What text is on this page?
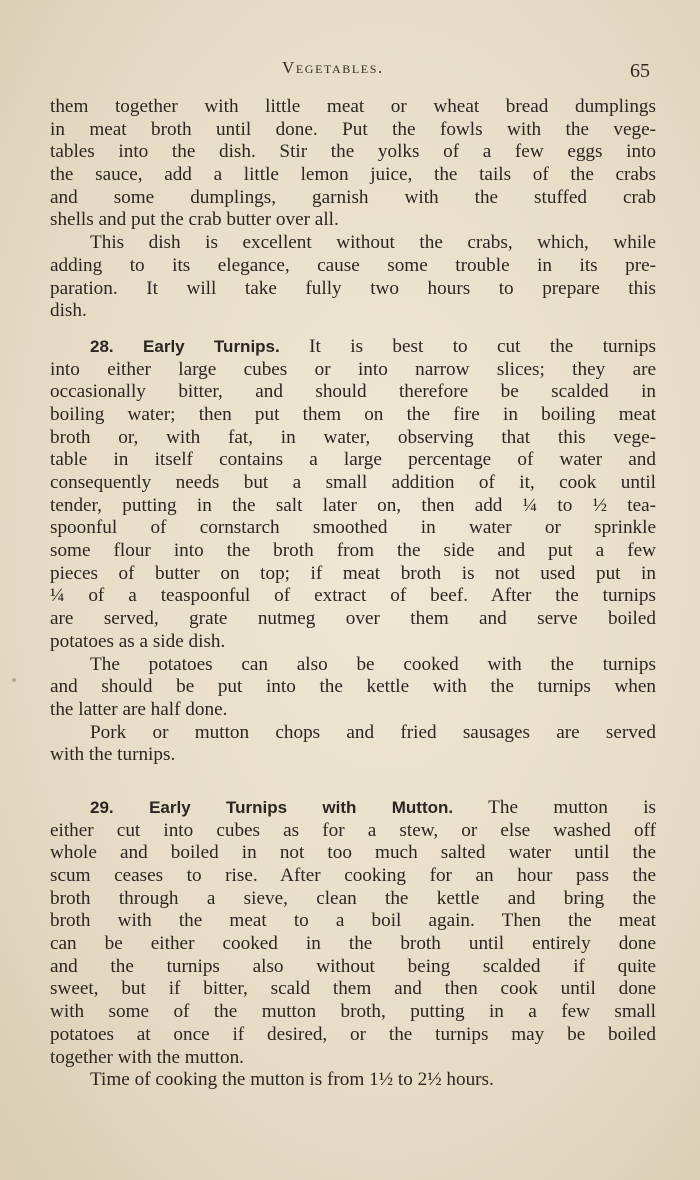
Vegetables.	65
them together with little meat or wheat bread dumplings
in meat broth until done. Put the fowls with the vege-
tables into the dish. Stir the yolks of a few eggs into
the sauce, add a little lemon juice, the tails of the crabs
and some dumplings, garnish with the stuffed crab
shells and put the crab butter over all.
This dish is excellent without the crabs, which, while
adding to its elegance, cause some trouble in its pre-
paration. It will take fully two hours to prepare this
dish.
28. Early Turnips. It is best to cut the turnips
into either large cubes or into narrow slices; they are
occasionally bitter, and should therefore be scalded in
boiling water; then put them on the fire in boiling meat
broth or, with fat, in water, observing that this vege-
table in itself contains a large percentage of water and
consequently needs but a small addition of it, cook until
tender, putting in the salt later on, then add ¼ to ½ tea-
spoonful of cornstarch smoothed in water or sprinkle
some flour into the broth from the side and put a few
pieces of butter on top; if meat broth is not used put in
¼ of a teaspoonful of extract of beef. After the turnips
are served, grate nutmeg over them and serve boiled
potatoes as a side dish.
The potatoes can also be cooked with the turnips
and should be put into the kettle with the turnips when
the latter are half done.
Pork or mutton chops and fried sausages are served
with the turnips.
29. Early Turnips with Mutton. The mutton is
either cut into cubes as for a stew, or else washed off
whole and boiled in not too much salted water until the
scum ceases to rise. After cooking for an hour pass the
broth through a sieve, clean the kettle and bring the
broth with the meat to a boil again. Then the meat
can be either cooked in the broth until entirely done
and the turnips also without being scalded if quite
sweet, but if bitter, scald them and then cook until done
with some of the mutton broth, putting in a few small
potatoes at once if desired, or the turnips may be boiled
together with the mutton.
Time of cooking the mutton is from 1½ to 2½ hours.
